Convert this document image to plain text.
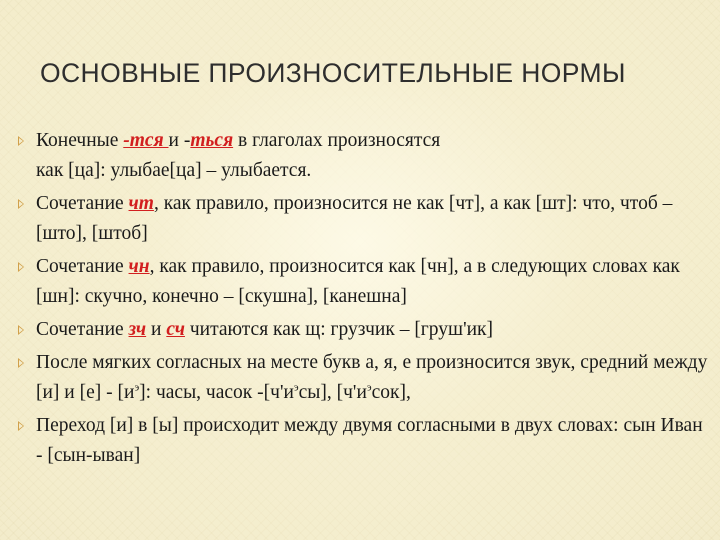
ОСНОВНЫЕ ПРОИЗНОСИТЕЛЬНЫЕ НОРМЫ
Конечные -тся и -ться в глаголах произносятся
как [ца]: улыбае[ца] – улыбается.
Сочетание чт, как правило, произносится не как [чт], а как [шт]: что, чтоб – [што], [штоб]
Сочетание чн, как правило, произносится как [чн], а в следующих словах как [шн]: скучно, конечно – [скушна], [канешна]
Сочетание зч и сч читаются как щ: грузчик – [груш'ик]
После мягких согласных на месте букв а, я, е произносится звук, средний между [и] и $[е] - [и^э]$: часы, часок $-[ч'и^эсы]$, $[ч'и^эсок]$,
Переход [и] в [ы] происходит между двумя согласными в двух словах: сын Иван - [сын-ыван]
